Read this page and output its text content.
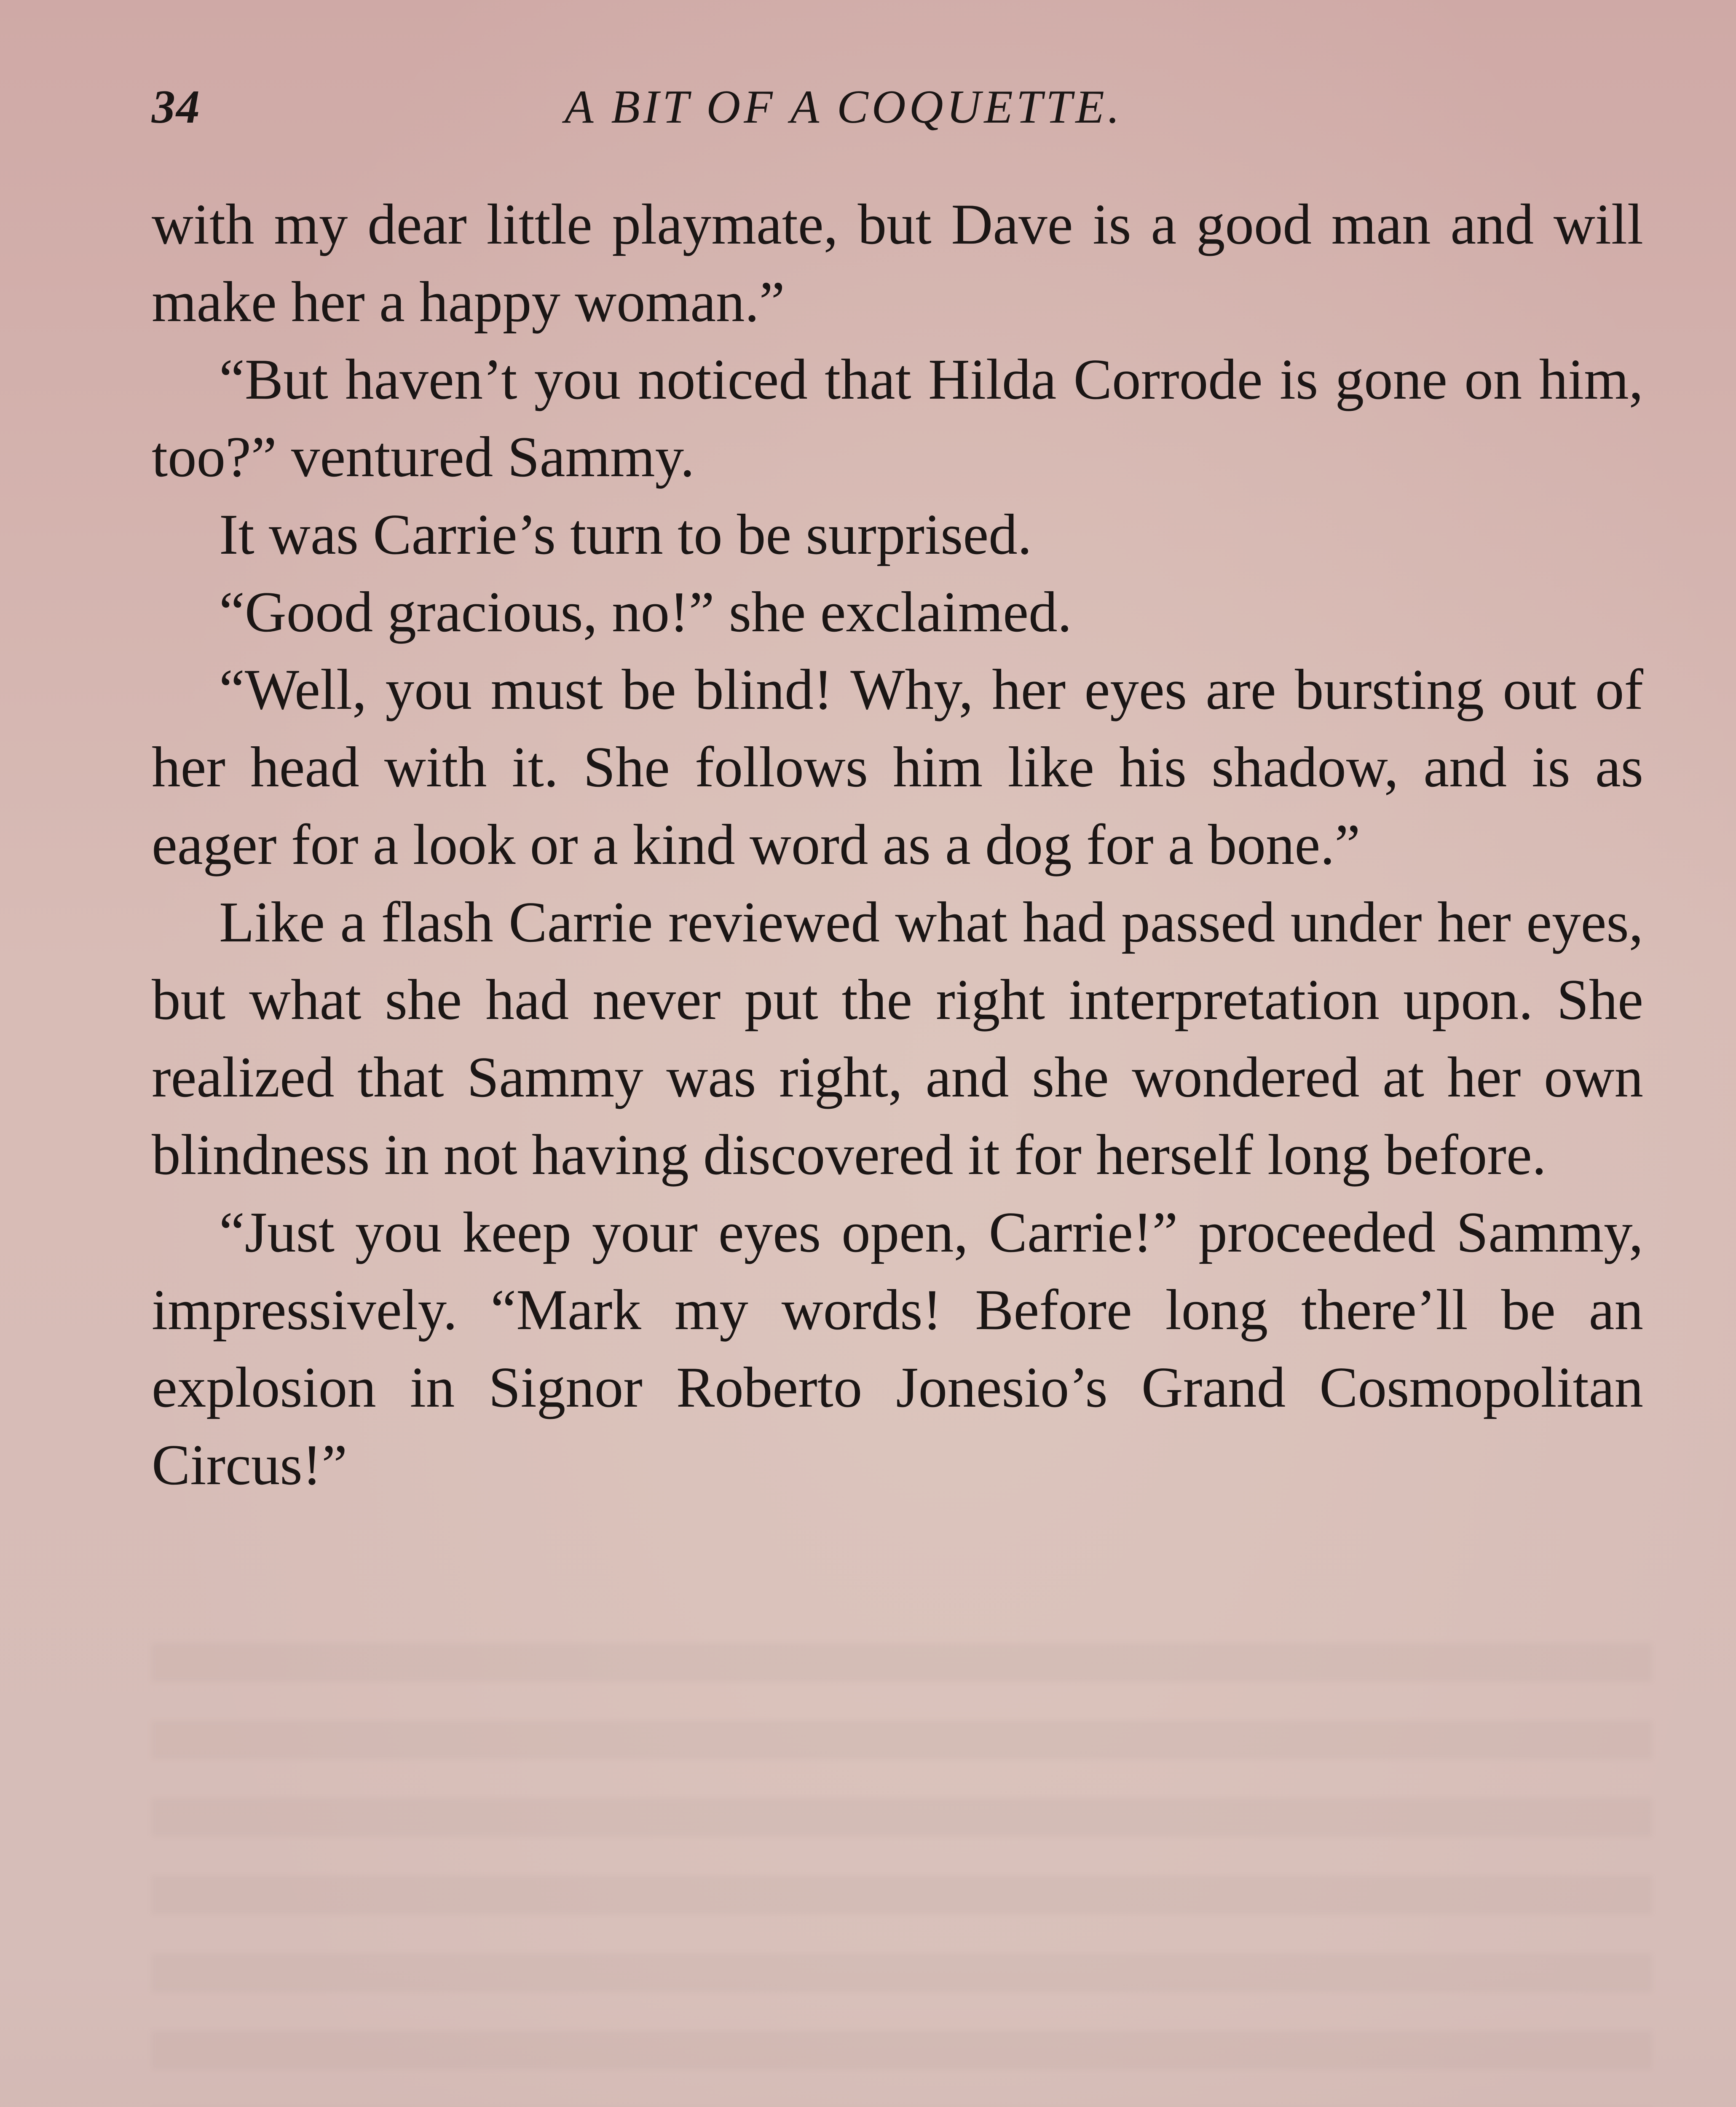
34	A BIT OF A COQUETTE.

with my dear little playmate, but Dave is a good man and will make her a happy woman.”

“But haven’t you noticed that Hilda Corrode is gone on him, too?” ventured Sammy.

It was Carrie’s turn to be surprised.

“Good gracious, no!” she exclaimed.

“Well, you must be blind! Why, her eyes are bursting out of her head with it. She follows him like his shadow, and is as eager for a look or a kind word as a dog for a bone.”

Like a flash Carrie reviewed what had passed under her eyes, but what she had never put the right interpretation upon. She realized that Sammy was right, and she wondered at her own blindness in not having discovered it for herself long before.

“Just you keep your eyes open, Carrie!” proceeded Sammy, impressively. “Mark my words! Before long there’ll be an explosion in Signor Roberto Jonesio’s Grand Cosmopolitan Circus!”
